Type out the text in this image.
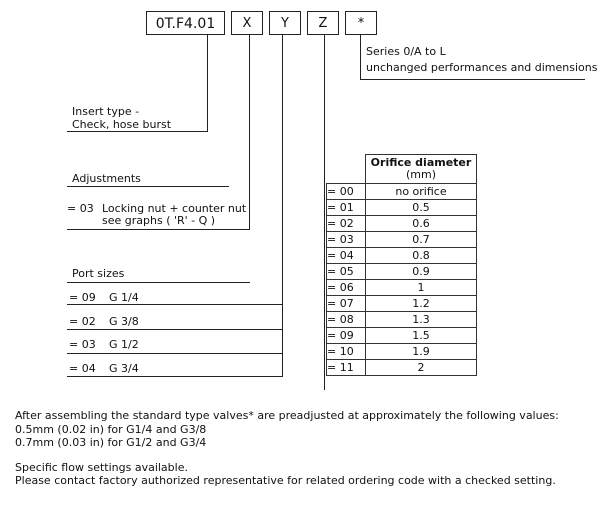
0T.F4.01	X	Y	Z	*
Series 0/A to L
unchanged performances and dimensions
Insert type -
Check, hose burst
Adjustments
= 03 Locking nut + counter nut
see graphs ( 'R' - Q )
Port sizes
= 09 G 1/4
= 02 G 3/8
= 03 G 1/2
= 04 G 3/4
	Orifice diameter
(mm)
= 00	no orifice
= 01	0.5
= 02	0.6
= 03	0.7
= 04	0.8
= 05	0.9
= 06	1
= 07	1.2
= 08	1.3
= 09	1.5
= 10	1.9
= 11	2

After assembling the standard type valves* are preadjusted at approximately the following values:

0.5mm (0.02 in) for G1/4 and G3/8

0.7mm (0.03 in) for G1/2 and G3/4

Specific flow settings available.

Please contact factory authorized representative for related ordering code with a checked setting.
